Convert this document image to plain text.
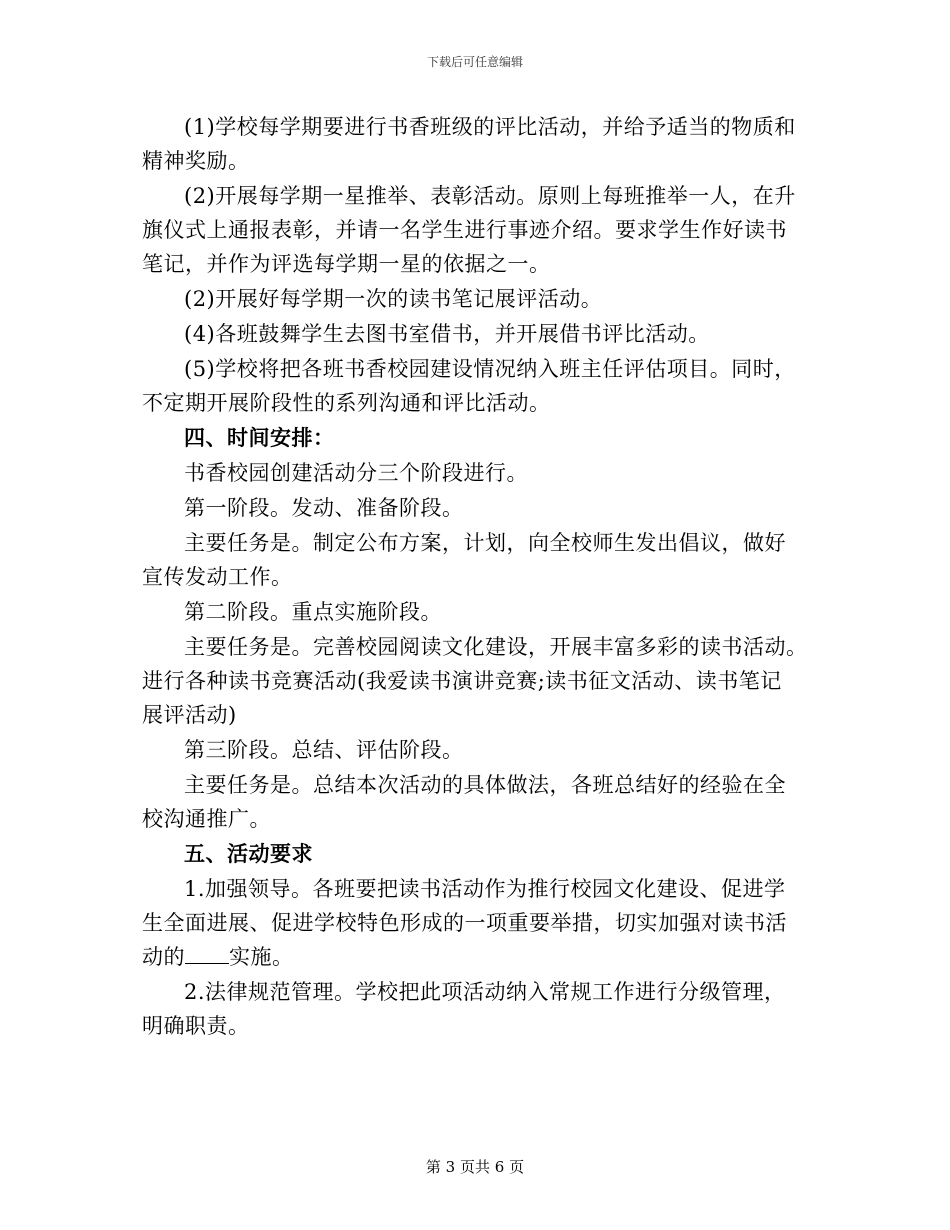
下载后可任意编辑

(1)学校每学期要进行书香班级的评比活动，并给予适当的物质和
精神奖励。

(2)开展每学期一星推举、表彰活动。原则上每班推举一人，在升
旗仪式上通报表彰，并请一名学生进行事迹介绍。要求学生作好读书
笔记，并作为评选每学期一星的依据之一。

(2)开展好每学期一次的读书笔记展评活动。

(4)各班鼓舞学生去图书室借书，并开展借书评比活动。

(5)学校将把各班书香校园建设情况纳入班主任评估项目。同时，
不定期开展阶段性的系列沟通和评比活动。

四、时间安排：

书香校园创建活动分三个阶段进行。

第一阶段。发动、准备阶段。

主要任务是。制定公布方案，计划，向全校师生发出倡议，做好
宣传发动工作。

第二阶段。重点实施阶段。

主要任务是。完善校园阅读文化建设，开展丰富多彩的读书活动。
进行各种读书竞赛活动(我爱读书演讲竞赛;读书征文活动、读书笔记
展评活动)

第三阶段。总结、评估阶段。

主要任务是。总结本次活动的具体做法，各班总结好的经验在全
校沟通推广。

五、活动要求

1.加强领导。各班要把读书活动作为推行校园文化建设、促进学
生全面进展、促进学校特色形成的一项重要举措，切实加强对读书活
动的 实施。

2.法律规范管理。学校把此项活动纳入常规工作进行分级管理，
明确职责。

第 3 页共 6 页
